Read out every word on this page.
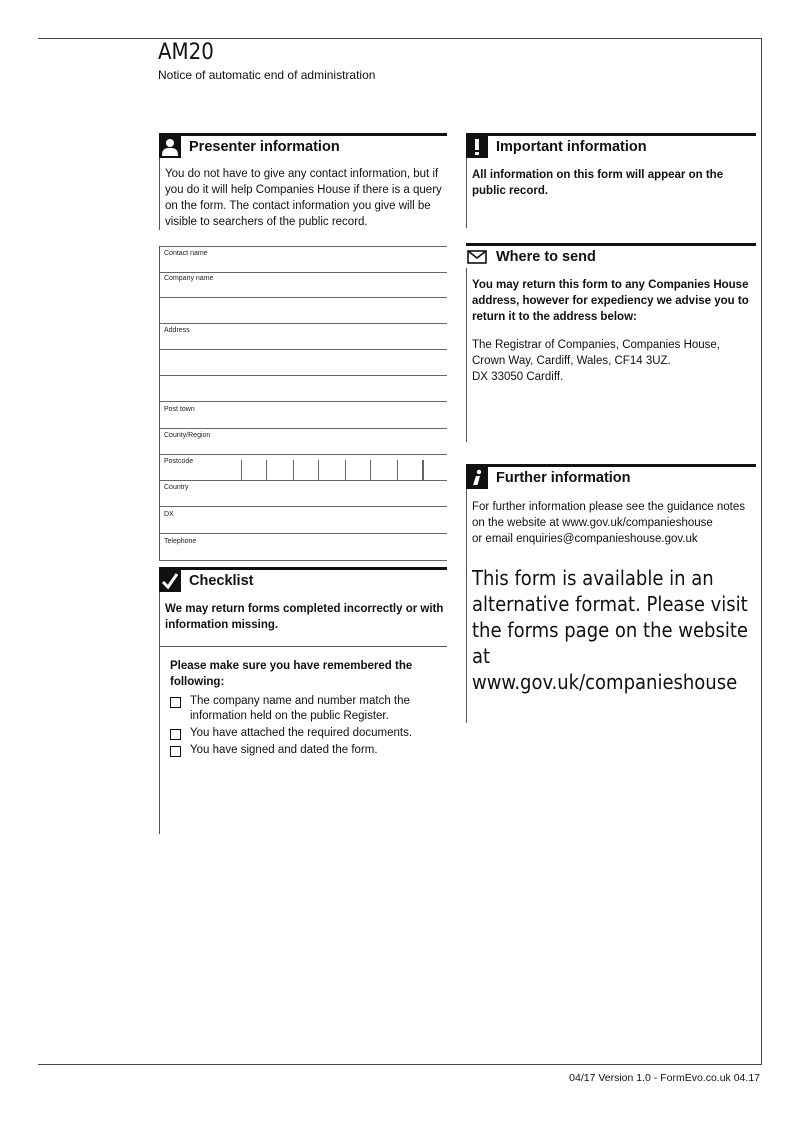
AM20
Notice of automatic end of administration
Presenter information
You do not have to give any contact information, but if you do it will help Companies House if there is a query on the form. The contact information you give will be visible to searchers of the public record.
Contact name
Company name
Address
Post town
County/Region
Postcode
Country
DX
Telephone
Checklist
We may return forms completed incorrectly or with information missing.
Please make sure you have remembered the following:
The company name and number match the information held on the public Register.
You have attached the required documents.
You have signed and dated the form.
Important information
All information on this form will appear on the public record.
Where to send
You may return this form to any Companies House address, however for expediency we advise you to return it to the address below:
The Registrar of Companies, Companies House,
Crown Way, Cardiff, Wales, CF14 3UZ.
DX 33050 Cardiff.
Further information
For further information please see the guidance notes
on the website at www.gov.uk/companieshouse
or email enquiries@companieshouse.gov.uk
This form is available in an alternative format. Please visit the forms page on the website at www.gov.uk/companieshouse
04/17 Version 1.0 - FormEvo.co.uk 04.17
